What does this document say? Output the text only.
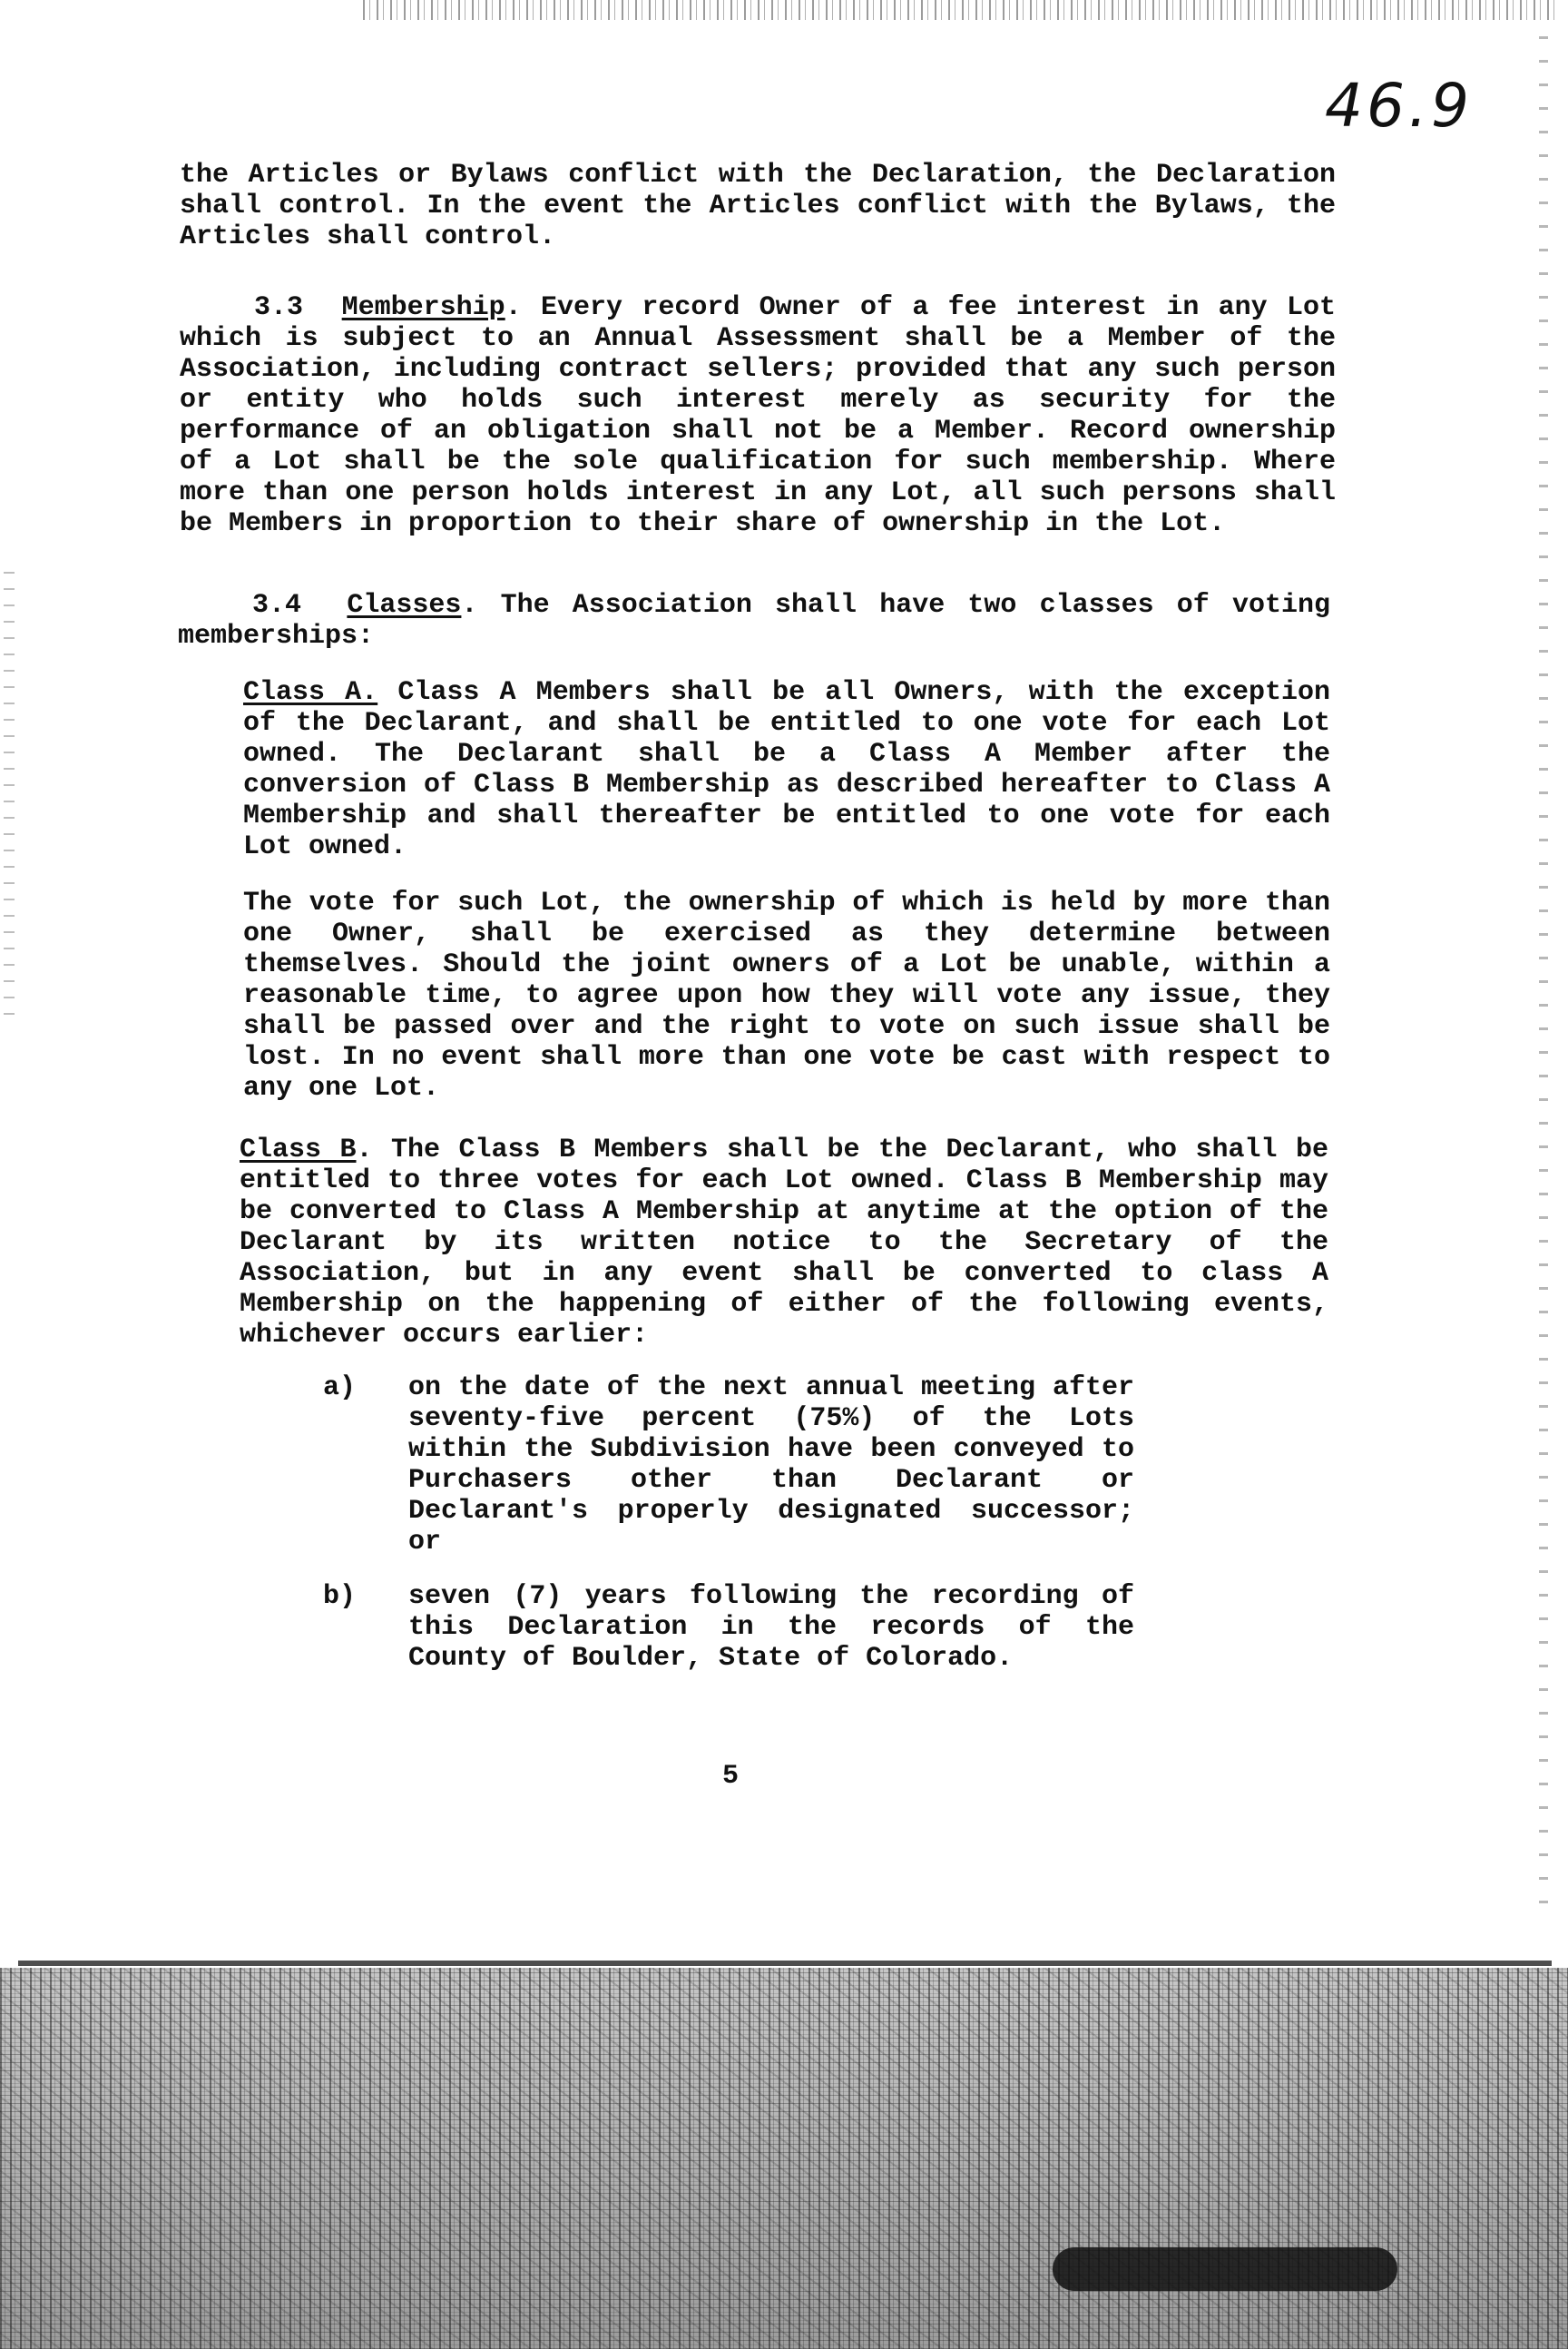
46.9

the Articles or Bylaws conflict with the Declaration, the Declaration shall control. In the event the Articles conflict with the Bylaws, the Articles shall control.

3.3 Membership. Every record Owner of a fee interest in any Lot which is subject to an Annual Assessment shall be a Member of the Association, including contract sellers; provided that any such person or entity who holds such interest merely as security for the performance of an obligation shall not be a Member. Record ownership of a Lot shall be the sole qualification for such membership. Where more than one person holds interest in any Lot, all such persons shall be Members in proportion to their share of ownership in the Lot.

3.4 Classes. The Association shall have two classes of voting memberships:

Class A. Class A Members shall be all Owners, with the exception of the Declarant, and shall be entitled to one vote for each Lot owned. The Declarant shall be a Class A Member after the conversion of Class B Membership as described hereafter to Class A Membership and shall thereafter be entitled to one vote for each Lot owned.

The vote for such Lot, the ownership of which is held by more than one Owner, shall be exercised as they determine between themselves. Should the joint owners of a Lot be unable, within a reasonable time, to agree upon how they will vote any issue, they shall be passed over and the right to vote on such issue shall be lost. In no event shall more than one vote be cast with respect to any one Lot.

Class B. The Class B Members shall be the Declarant, who shall be entitled to three votes for each Lot owned. Class B Membership may be converted to Class A Membership at anytime at the option of the Declarant by its written notice to the Secretary of the Association, but in any event shall be converted to class A Membership on the happening of either of the following events, whichever occurs earlier:

a) on the date of the next annual meeting after seventy-five percent (75%) of the Lots within the Subdivision have been conveyed to Purchasers other than Declarant or Declarant's properly designated successor; or
b) seven (7) years following the recording of this Declaration in the records of the County of Boulder, State of Colorado.
5
